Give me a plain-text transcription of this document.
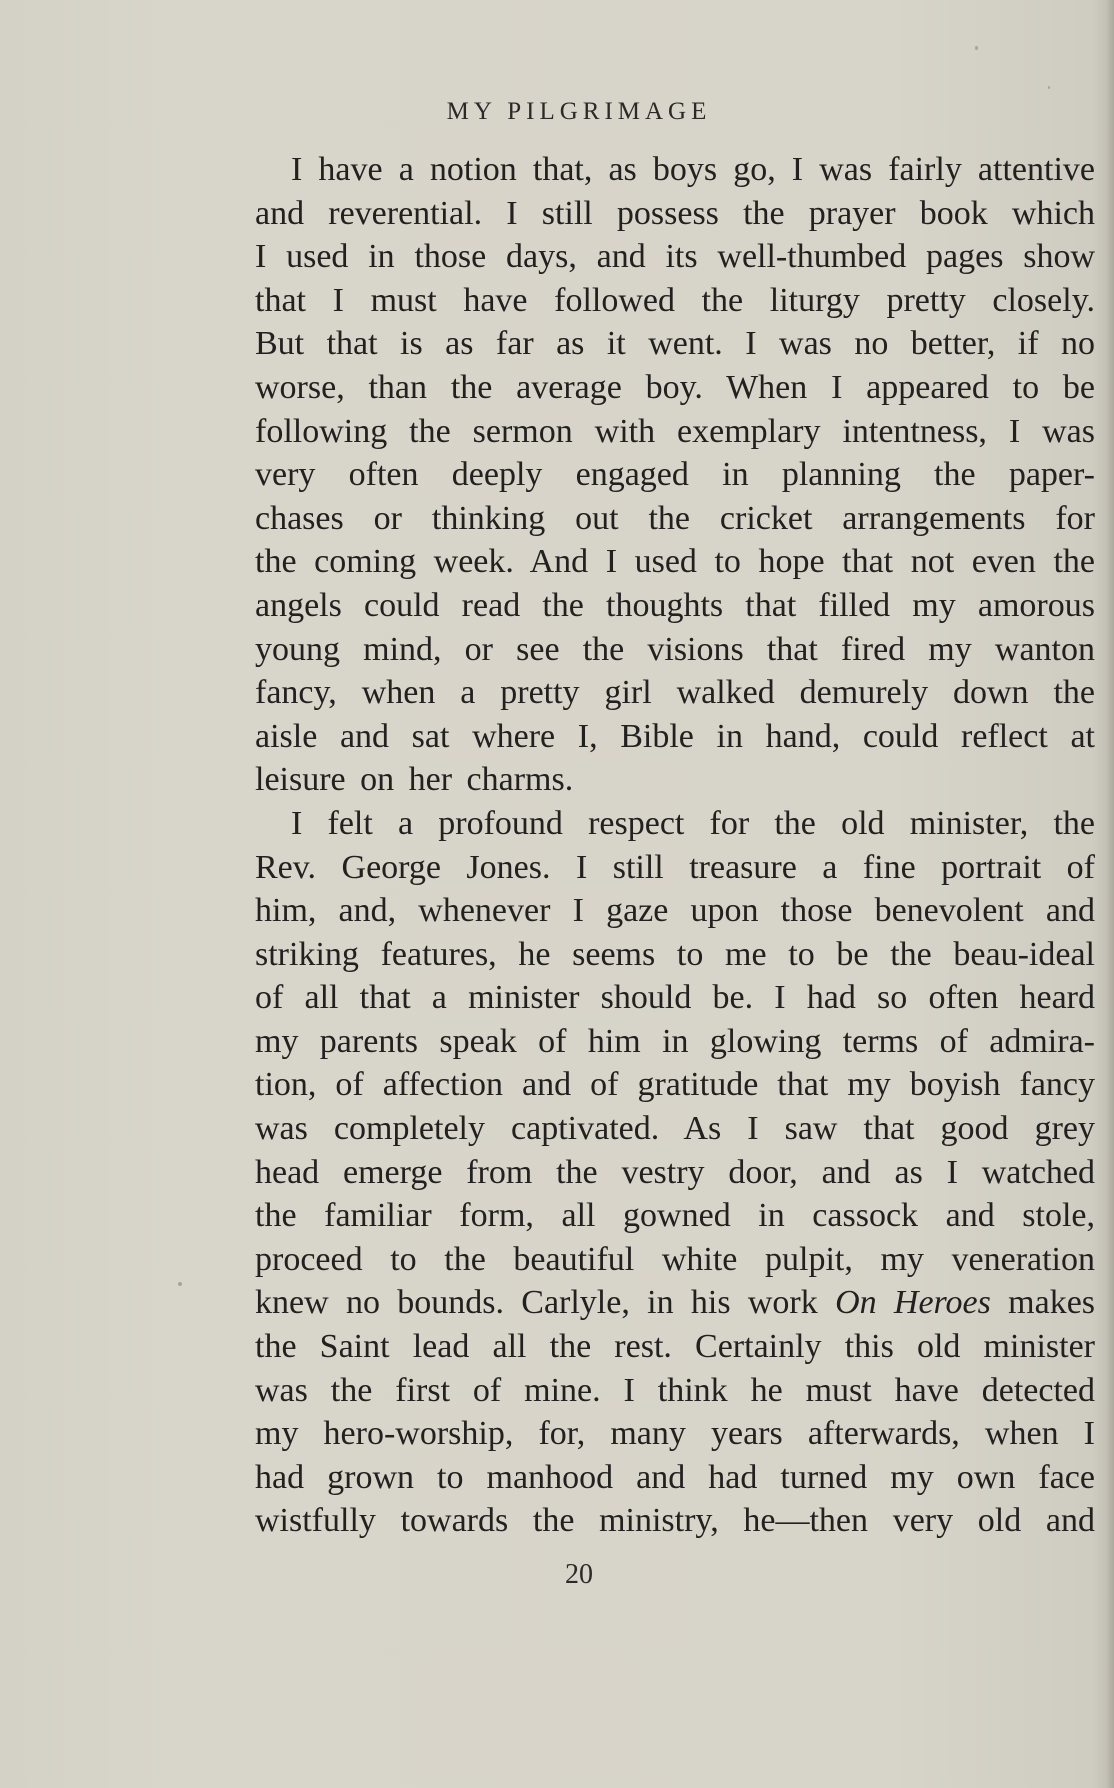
MY PILGRIMAGE
I have a notion that, as boys go, I was fairly attentive
and reverential. I still possess the prayer book which
I used in those days, and its well-thumbed pages show
that I must have followed the liturgy pretty closely.
But that is as far as it went. I was no better, if no
worse, than the average boy. When I appeared to be
following the sermon with exemplary intentness, I was
very often deeply engaged in planning the paper-
chases or thinking out the cricket arrangements for
the coming week. And I used to hope that not even the
angels could read the thoughts that filled my amorous
young mind, or see the visions that fired my wanton
fancy, when a pretty girl walked demurely down the
aisle and sat where I, Bible in hand, could reflect at
leisure on her charms.
I felt a profound respect for the old minister, the
Rev. George Jones. I still treasure a fine portrait of
him, and, whenever I gaze upon those benevolent and
striking features, he seems to me to be the beau-ideal
of all that a minister should be. I had so often heard
my parents speak of him in glowing terms of admira-
tion, of affection and of gratitude that my boyish fancy
was completely captivated. As I saw that good grey
head emerge from the vestry door, and as I watched
the familiar form, all gowned in cassock and stole,
proceed to the beautiful white pulpit, my veneration
knew no bounds. Carlyle, in his work On Heroes makes
the Saint lead all the rest. Certainly this old minister
was the first of mine. I think he must have detected
my hero-worship, for, many years afterwards, when I
had grown to manhood and had turned my own face
wistfully towards the ministry, he—then very old and

20
